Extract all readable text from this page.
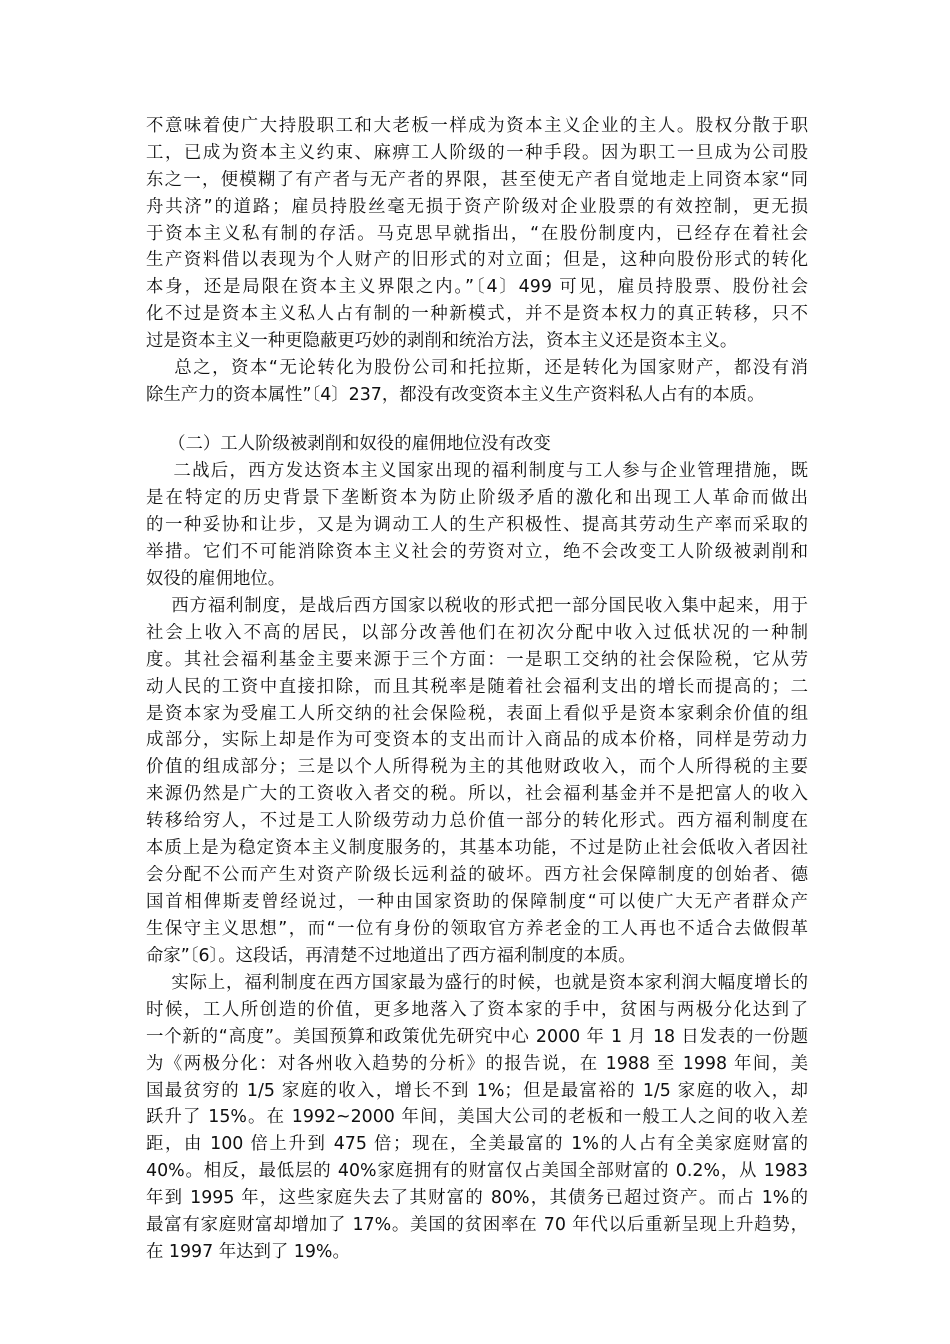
不意味着使广大持股职工和大老板一样成为资本主义企业的主人。股权分散于职
工，已成为资本主义约束、麻痹工人阶级的一种手段。因为职工一旦成为公司股
东之一，便模糊了有产者与无产者的界限，甚至使无产者自觉地走上同资本家“同
舟共济”的道路；雇员持股丝毫无损于资产阶级对企业股票的有效控制，更无损
于资本主义私有制的存活。马克思早就指出，“在股份制度内，已经存在着社会
生产资料借以表现为个人财产的旧形式的对立面；但是，这种向股份形式的转化
本身，还是局限在资本主义界限之内。”〔4〕499 可见，雇员持股票、股份社会
化不过是资本主义私人占有制的一种新模式，并不是资本权力的真正转移，只不
过是资本主义一种更隐蔽更巧妙的剥削和统治方法，资本主义还是资本主义。
总之，资本“无论转化为股份公司和托拉斯，还是转化为国家财产，都没有消
除生产力的资本属性”〔4〕237，都没有改变资本主义生产资料私人占有的本质。
（二）工人阶级被剥削和奴役的雇佣地位没有改变
二战后，西方发达资本主义国家出现的福利制度与工人参与企业管理措施，既
是在特定的历史背景下垄断资本为防止阶级矛盾的激化和出现工人革命而做出
的一种妥协和让步，又是为调动工人的生产积极性、提高其劳动生产率而采取的
举措。它们不可能消除资本主义社会的劳资对立，绝不会改变工人阶级被剥削和
奴役的雇佣地位。
西方福利制度，是战后西方国家以税收的形式把一部分国民收入集中起来，用于
社会上收入不高的居民，以部分改善他们在初次分配中收入过低状况的一种制
度。其社会福利基金主要来源于三个方面：一是职工交纳的社会保险税，它从劳
动人民的工资中直接扣除，而且其税率是随着社会福利支出的增长而提高的；二
是资本家为受雇工人所交纳的社会保险税，表面上看似乎是资本家剩余价值的组
成部分，实际上却是作为可变资本的支出而计入商品的成本价格，同样是劳动力
价值的组成部分；三是以个人所得税为主的其他财政收入，而个人所得税的主要
来源仍然是广大的工资收入者交的税。所以，社会福利基金并不是把富人的收入
转移给穷人，不过是工人阶级劳动力总价值一部分的转化形式。西方福利制度在
本质上是为稳定资本主义制度服务的，其基本功能，不过是防止社会低收入者因社
会分配不公而产生对资产阶级长远利益的破坏。西方社会保障制度的创始者、德
国首相俾斯麦曾经说过，一种由国家资助的保障制度“可以使广大无产者群众产
生保守主义思想”，而“一位有身份的领取官方养老金的工人再也不适合去做假革
命家”〔6〕。这段话，再清楚不过地道出了西方福利制度的本质。
实际上，福利制度在西方国家最为盛行的时候，也就是资本家利润大幅度增长的
时候，工人所创造的价值，更多地落入了资本家的手中，贫困与两极分化达到了
一个新的“高度”。美国预算和政策优先研究中心 2000 年 1 月 18 日发表的一份题
为《两极分化：对各州收入趋势的分析》的报告说，在 1988 至 1998 年间，美
国最贫穷的 1/5 家庭的收入，增长不到 1%；但是最富裕的 1/5 家庭的收入，却
跃升了 15%。在 1992~2000 年间，美国大公司的老板和一般工人之间的收入差
距，由 100 倍上升到 475 倍；现在，全美最富的 1%的人占有全美家庭财富的
40%。相反，最低层的 40%家庭拥有的财富仅占美国全部财富的 0.2%，从 1983
年到 1995 年，这些家庭失去了其财富的 80%，其债务已超过资产。而占 1%的
最富有家庭财富却增加了 17%。美国的贫困率在 70 年代以后重新呈现上升趋势，
在 1997 年达到了 19%。
